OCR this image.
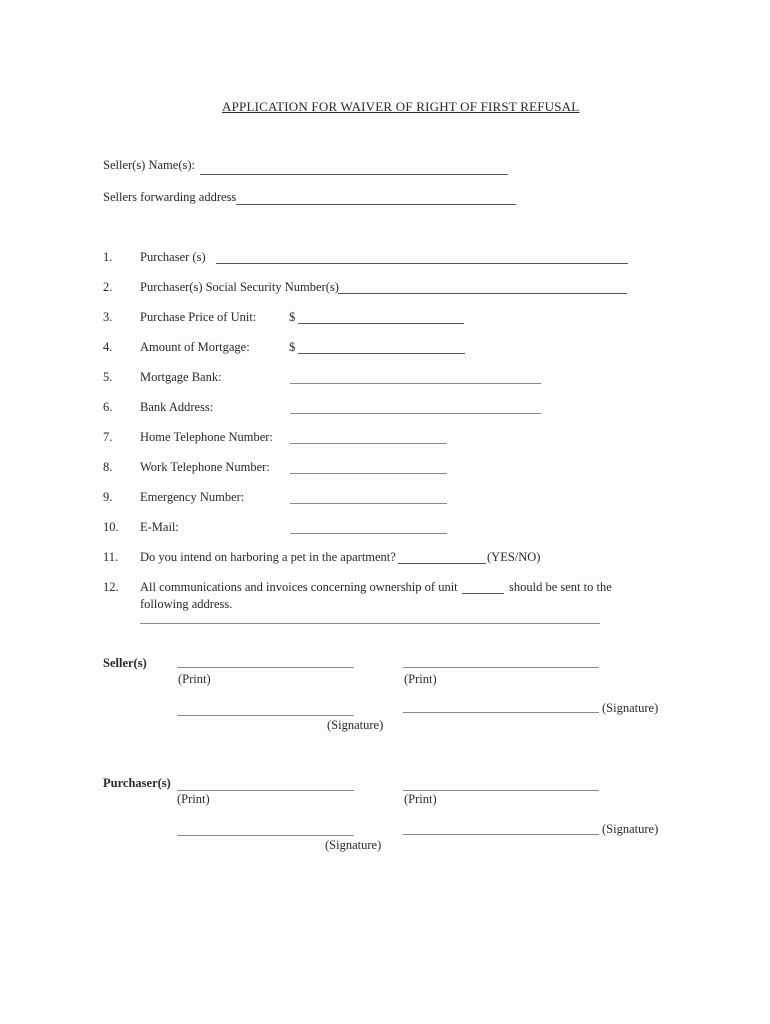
APPLICATION FOR WAIVER OF RIGHT OF FIRST REFUSAL
Seller(s) Name(s):
Sellers forwarding address
1. Purchaser (s)
2. Purchaser(s) Social Security Number(s)
3. Purchase Price of Unit:	$
4. Amount of Mortgage:	$
5. Mortgage Bank:
6. Bank Address:
7. Home Telephone Number:
8. Work Telephone Number:
9. Emergency Number:
10. E-Mail:
11. Do you intend on harboring a pet in the apartment?	(YES/NO)
12. All communications and invoices concerning ownership of unit	should be sent to the
following address.
Seller(s)
(Print)	(Print)
(Signature)
(Signature)
Purchaser(s)
(Print)	(Print)
(Signature)
(Signature)
